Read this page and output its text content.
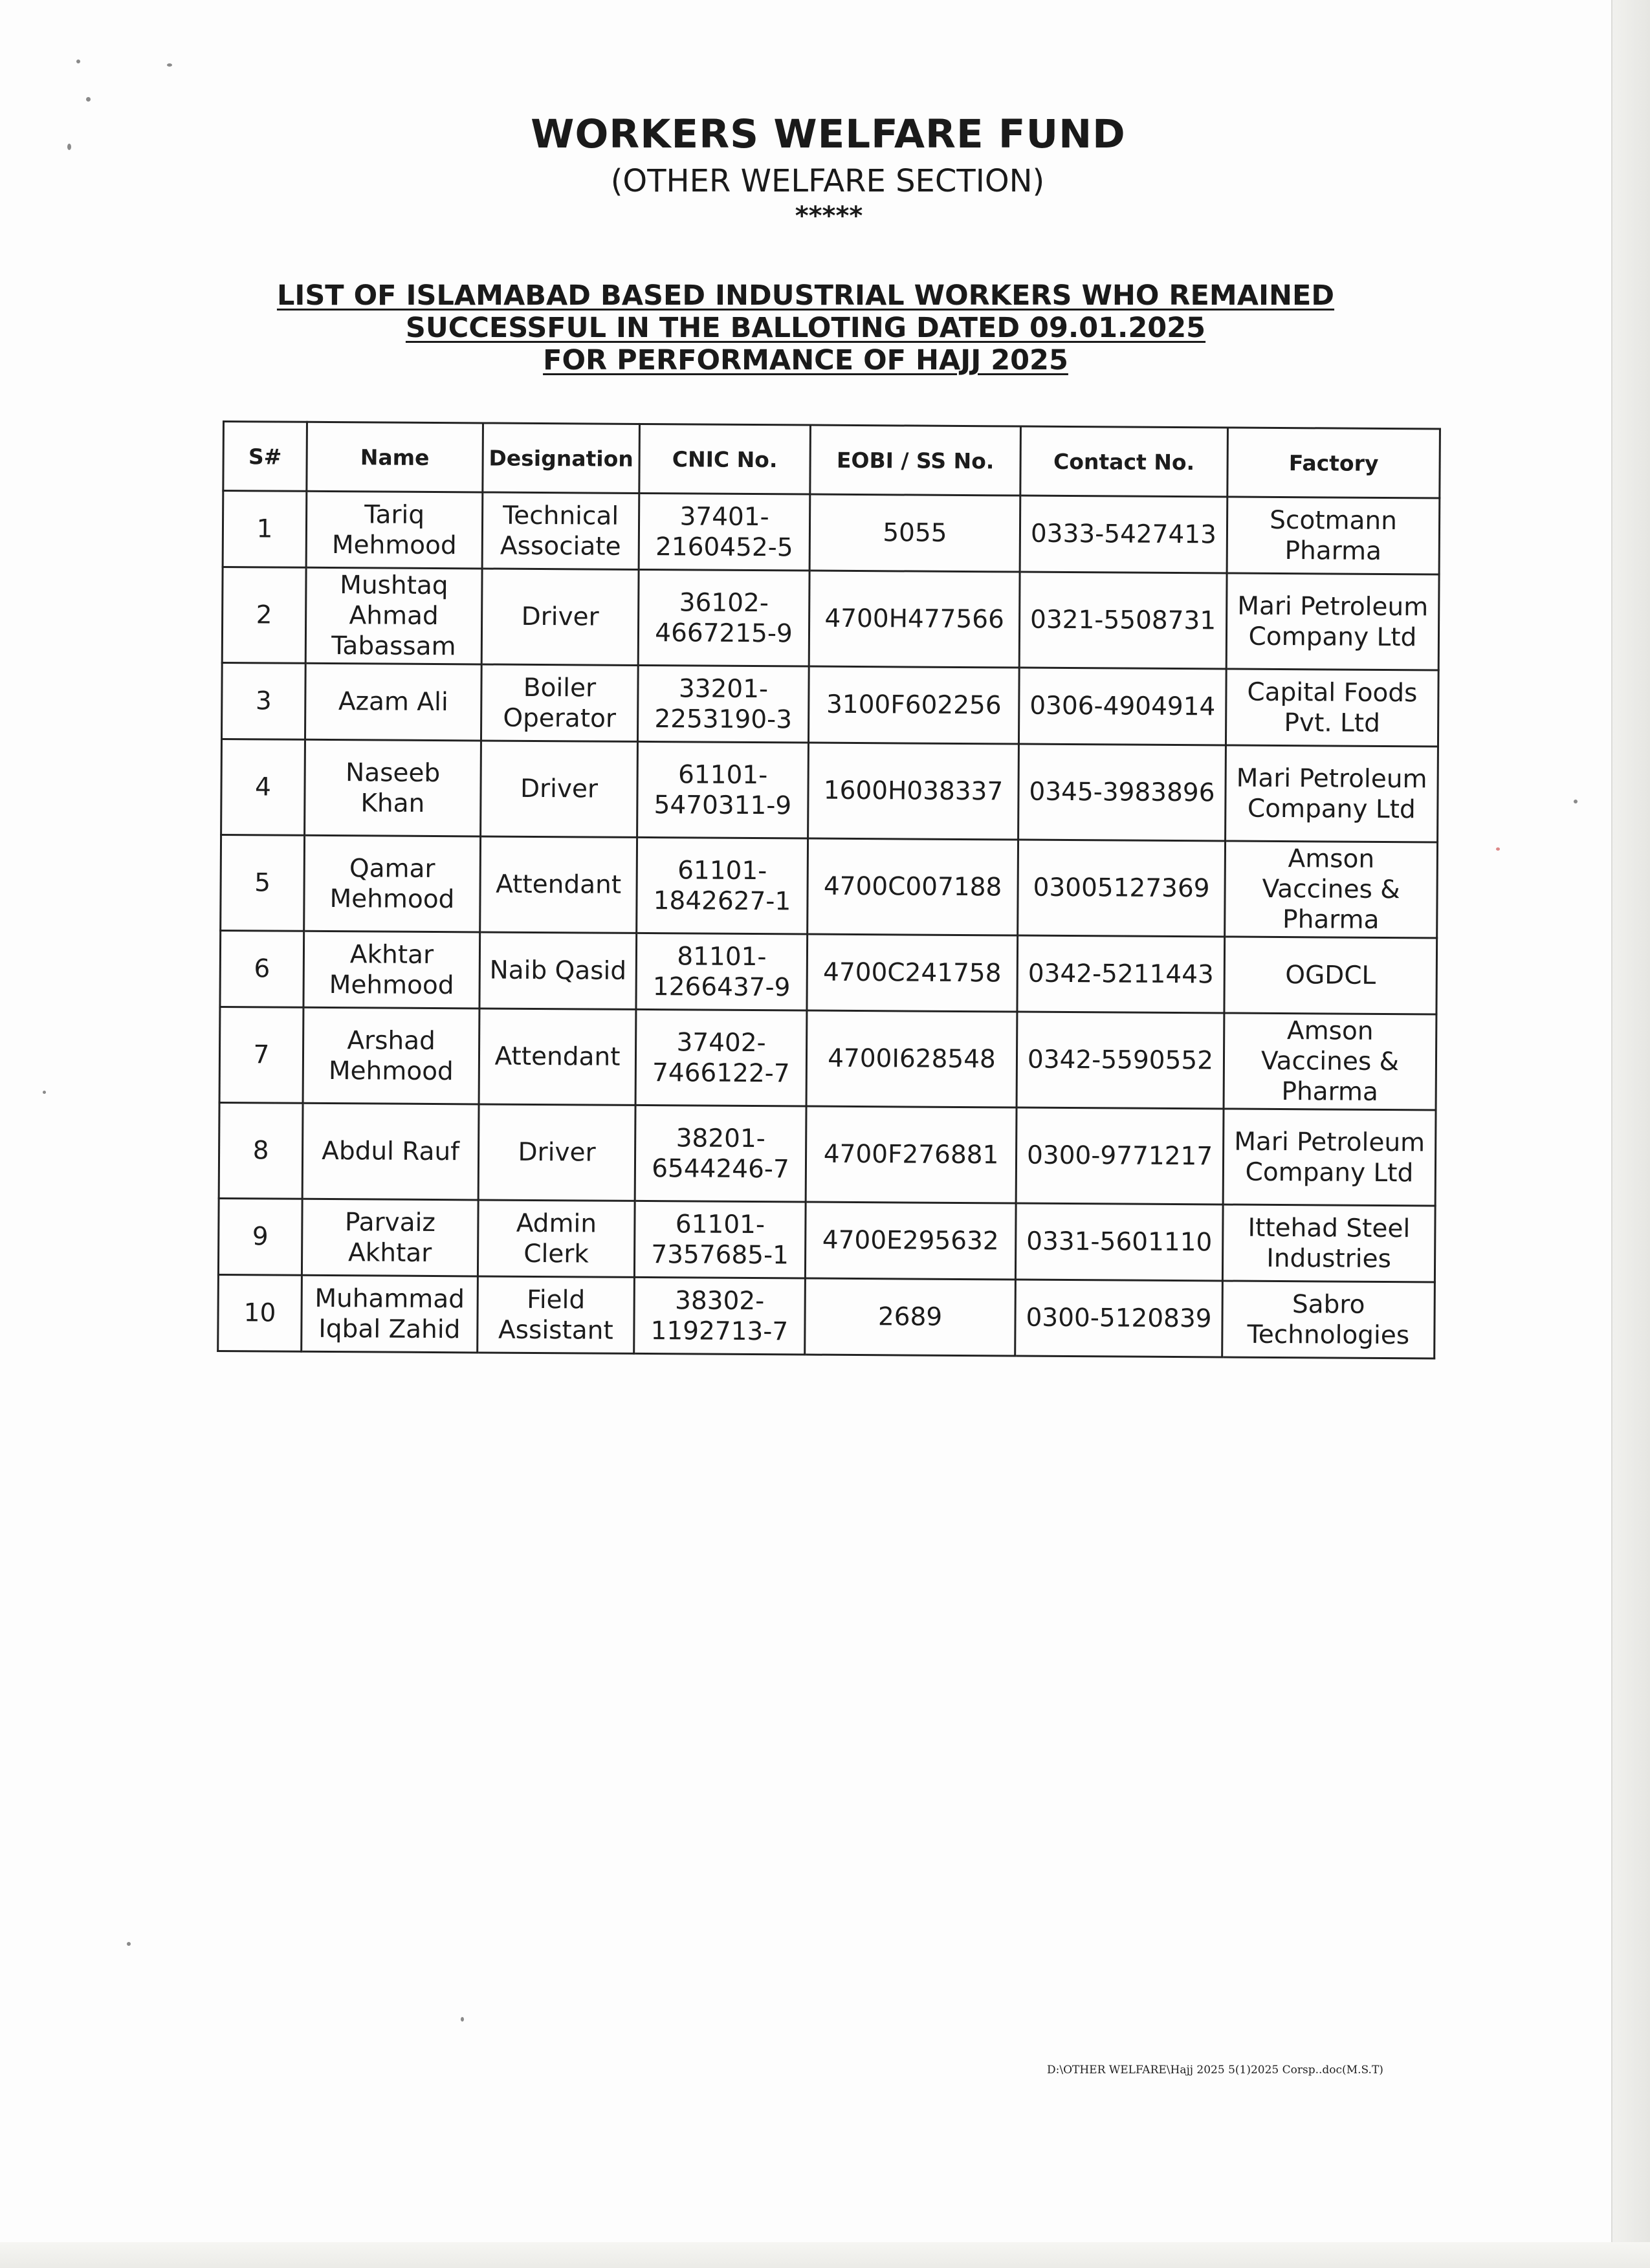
WORKERS WELFARE FUND
(OTHER WELFARE SECTION)
*****
LIST OF ISLAMABAD BASED INDUSTRIAL WORKERS WHO REMAINED
SUCCESSFUL IN THE BALLOTING DATED 09.01.2025
FOR PERFORMANCE OF HAJJ 2025
S#	Name	Designation	CNIC No.	EOBI / SS No.	Contact No.	Factory
1	Tariq Mehmood	Technical Associate	37401-2160452-5	5055	0333-5427413	Scotmann Pharma
2	Mushtaq Ahmad Tabassam	Driver	36102-4667215-9	4700H477566	0321-5508731	Mari Petroleum Company Ltd
3	Azam Ali	Boiler Operator	33201-2253190-3	3100F602256	0306-4904914	Capital Foods Pvt. Ltd
4	Naseeb Khan	Driver	61101-5470311-9	1600H038337	0345-3983896	Mari Petroleum Company Ltd
5	Qamar Mehmood	Attendant	61101-1842627-1	4700C007188	03005127369	Amson Vaccines & Pharma
6	Akhtar Mehmood	Naib Qasid	81101-1266437-9	4700C241758	0342-5211443	OGDCL
7	Arshad Mehmood	Attendant	37402-7466122-7	4700I628548	0342-5590552	Amson Vaccines & Pharma
8	Abdul Rauf	Driver	38201-6544246-7	4700F276881	0300-9771217	Mari Petroleum Company Ltd
9	Parvaiz Akhtar	Admin Clerk	61101-7357685-1	4700E295632	0331-5601110	Ittehad Steel Industries
10	Muhammad Iqbal Zahid	Field Assistant	38302-1192713-7	2689	0300-5120839	Sabro Technologies
D:\OTHER WELFARE\Hajj 2025 5(1)2025 Corsp..doc(M.S.T)
